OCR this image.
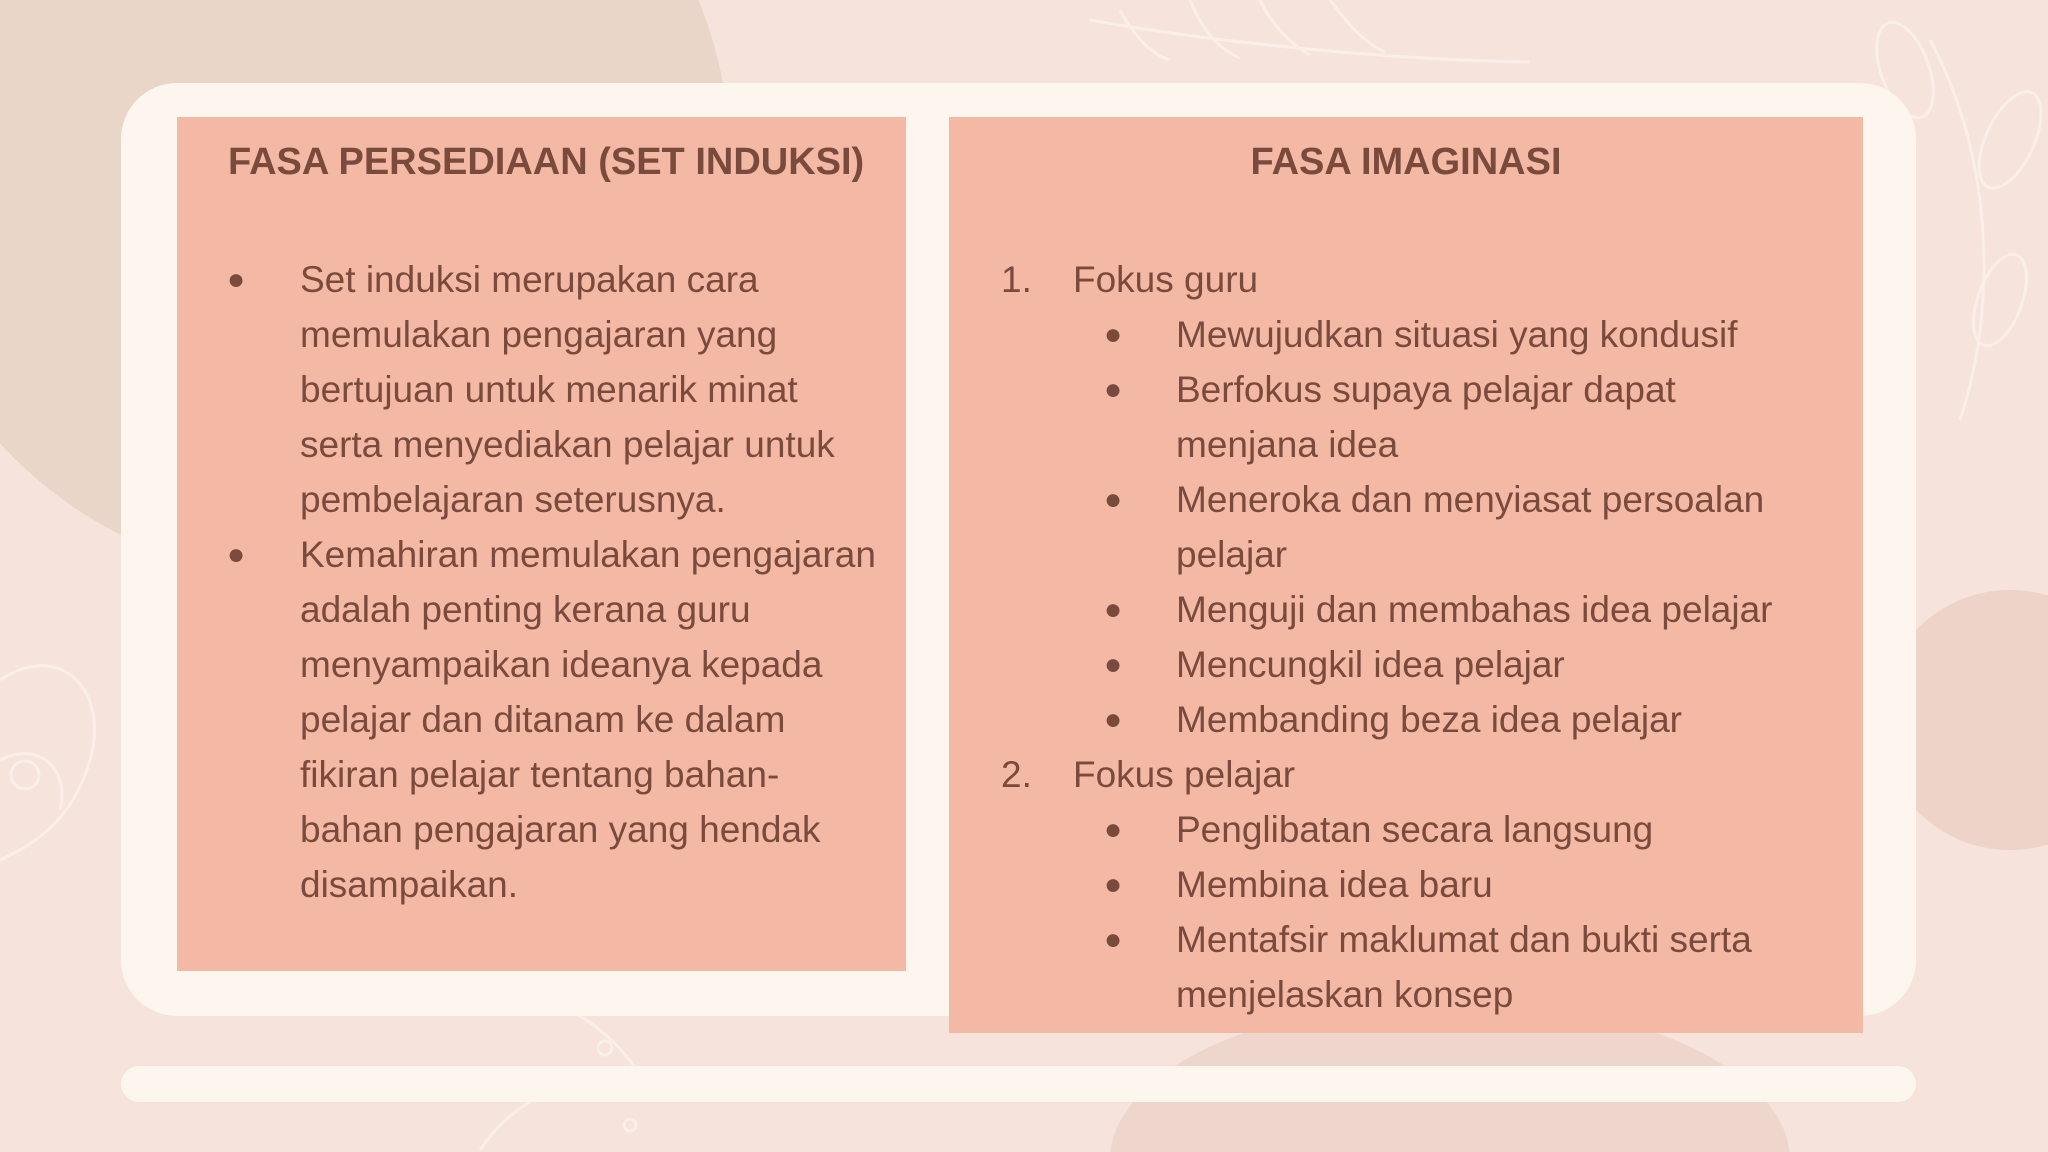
FASA PERSEDIAAN (SET INDUKSI)
● Set induksi merupakan cara memulakan pengajaran yang bertujuan untuk menarik minat serta menyediakan pelajar untuk pembelajaran seterusnya.
● Kemahiran memulakan pengajaran adalah penting kerana guru menyampaikan ideanya kepada pelajar dan ditanam ke dalam fikiran pelajar tentang bahan-bahan pengajaran yang hendak disampaikan.
FASA IMAGINASI
1. Fokus guru
● Mewujudkan situasi yang kondusif
● Berfokus supaya pelajar dapat menjana idea
● Meneroka dan menyiasat persoalan pelajar
● Menguji dan membahas idea pelajar
● Mencungkil idea pelajar
● Membanding beza idea pelajar
2. Fokus pelajar
● Penglibatan secara langsung
● Membina idea baru
● Mentafsir maklumat dan bukti serta menjelaskan konsep
